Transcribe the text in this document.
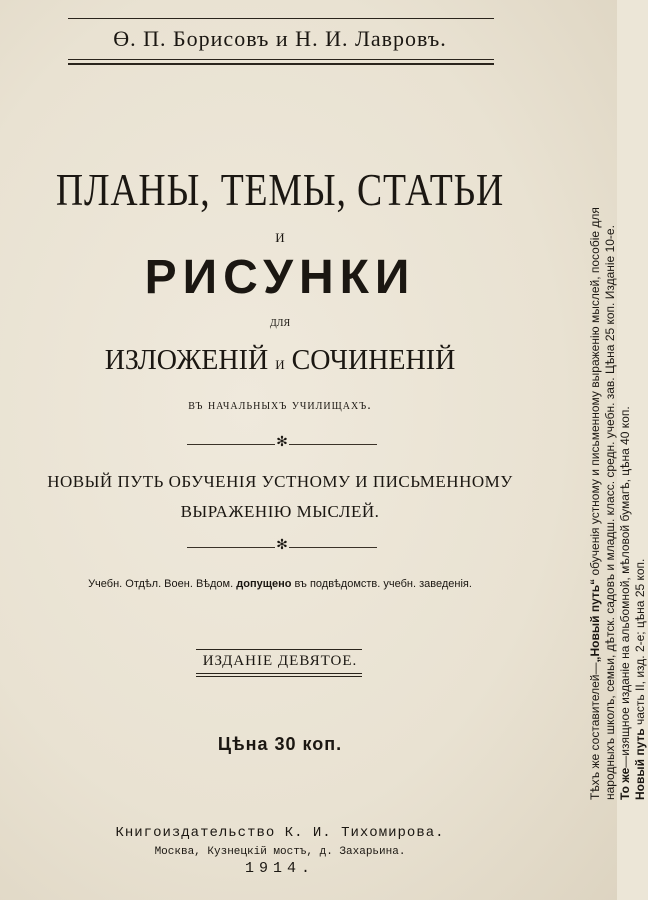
Ө. П. Борисовъ и Н. И. Лавровъ.
ПЛАНЫ, ТЕМЫ, СТАТЬИ
и
РИСУНКИ
для
ИЗЛОЖЕНІЙ и СОЧИНЕНІЙ
въ начальныхъ училищахъ.
✻
НОВЫЙ ПУТЬ ОБУЧЕНІЯ УСТНОМУ И ПИСЬМЕННОМУ
ВЫРАЖЕНІЮ МЫСЛЕЙ.
✻
Учебн. Отдѣл. Воен. Вѣдом. допущено въ подвѣдомств. учебн. заведенія.
ИЗДАНІЕ ДЕВЯТОЕ.
Цѣна 30 коп.
Книгоиздательство К. И. Тихомирова.
Москва, Кузнецкій мостъ, д. Захарьина.
1914.
Тѣхъ же составителей—„Новый путь“ обученія устному и письменному выраженію мыслей, пособіе для народныхъ школъ, семьи, дѣтск. садовъ и младш. класс. средн. учебн. зав. Цѣна 25 коп. Изданіе 10-е. То же—изящное изданіе на альбомной, мѣловой бумагѣ, цѣна 40 коп. Новый путь часть II, изд. 2-е; цѣна 25 коп.
